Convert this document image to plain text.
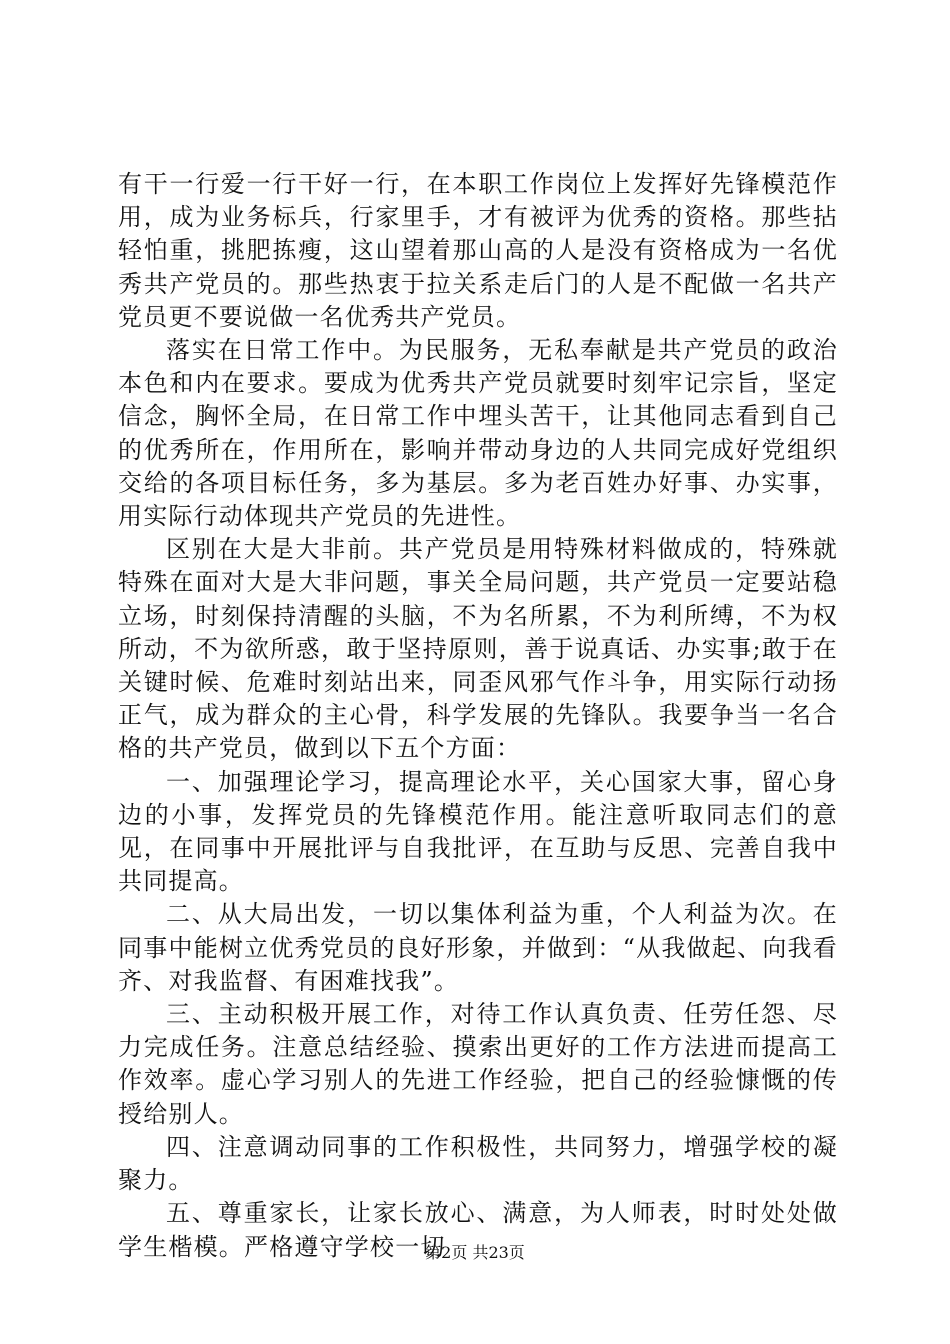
有干一行爱一行干好一行，在本职工作岗位上发挥好先锋模范作用，成为业务标兵，行家里手，才有被评为优秀的资格。那些拈轻怕重，挑肥拣瘦，这山望着那山高的人是没有资格成为一名优秀共产党员的。那些热衷于拉关系走后门的人是不配做一名共产党员更不要说做一名优秀共产党员。

落实在日常工作中。为民服务，无私奉献是共产党员的政治本色和内在要求。要成为优秀共产党员就要时刻牢记宗旨，坚定信念，胸怀全局，在日常工作中埋头苦干，让其他同志看到自己的优秀所在，作用所在，影响并带动身边的人共同完成好党组织交给的各项目标任务，多为基层。多为老百姓办好事、办实事，用实际行动体现共产党员的先进性。

区别在大是大非前。共产党员是用特殊材料做成的，特殊就特殊在面对大是大非问题，事关全局问题，共产党员一定要站稳立场，时刻保持清醒的头脑，不为名所累，不为利所缚，不为权所动，不为欲所惑，敢于坚持原则，善于说真话、办实事;敢于在关键时候、危难时刻站出来，同歪风邪气作斗争，用实际行动扬正气，成为群众的主心骨，科学发展的先锋队。我要争当一名合格的共产党员，做到以下五个方面：

一、加强理论学习，提高理论水平，关心国家大事，留心身边的小事，发挥党员的先锋模范作用。能注意听取同志们的意见，在同事中开展批评与自我批评，在互助与反思、完善自我中共同提高。

二、从大局出发，一切以集体利益为重，个人利益为次。在同事中能树立优秀党员的良好形象，并做到：“从我做起、向我看齐、对我监督、有困难找我”。

三、主动积极开展工作，对待工作认真负责、任劳任怨、尽力完成任务。注意总结经验、摸索出更好的工作方法进而提高工作效率。虚心学习别人的先进工作经验，把自己的经验慷慨的传授给别人。

四、注意调动同事的工作积极性，共同努力，增强学校的凝聚力。

五、尊重家长，让家长放心、满意，为人师表，时时处处做学生楷模。严格遵守学校一切

第2页 共23页
